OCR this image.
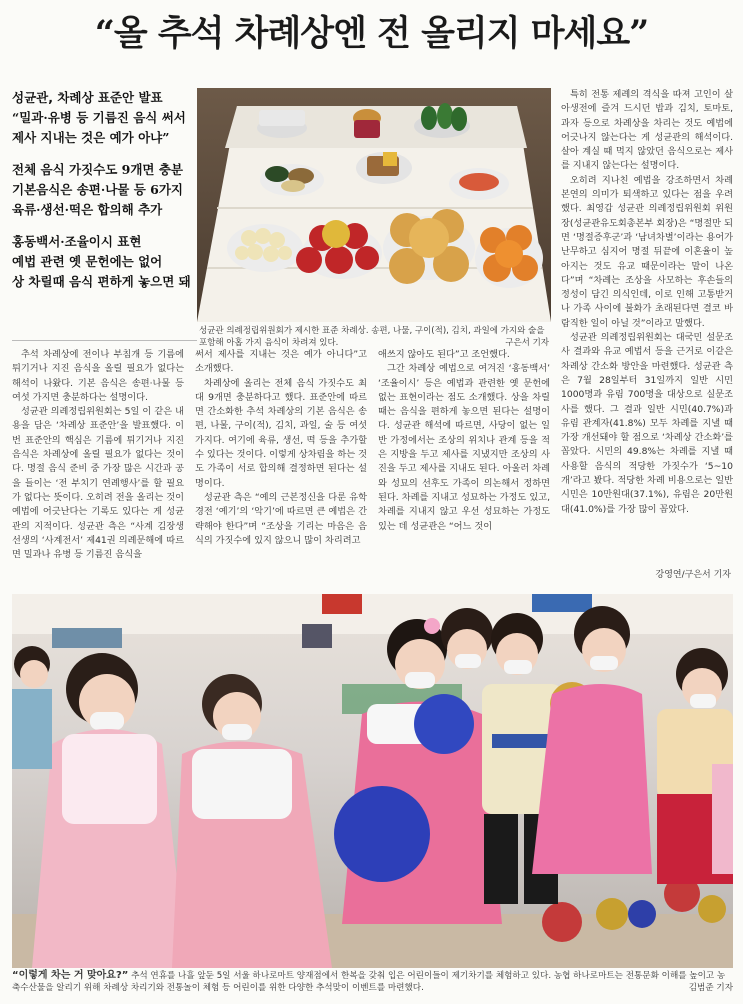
“올 추석 차례상엔 전 올리지 마세요”
성균관, 차례상 표준안 발표
“밀과·유병 등 기름진 음식 써서
제사 지내는 것은 예가 아냐”
전체 음식 가짓수도 9개면 충분
기본음식은 송편·나물 등 6가지
육류·생선·떡은 합의해 추가
홍동백서·조율이시 표현
예법 관련 옛 문헌에는 없어
상 차릴때 음식 편하게 놓으면 돼
성균관 의례정립위원회가 제시한 표준 차례상. 송편, 나물, 구이(적), 김치, 과일에 가지와 술을 포함해 아홉 가지 음식이 차려져 있다.	구은서 기자

추석 차례상에 전이나 부침개 등 기름에 튀기거나 지진 음식을 올릴 필요가 없다는 해석이 나왔다. 기본 음식은 송편·나물 등 여섯 가지면 충분하다는 설명이다.

성균관 의례정립위원회는 5일 이 같은 내용을 담은 ‘차례상 표준안’을 발표했다. 이번 표준안의 핵심은 기름에 튀기거나 지진 음식은 차례상에 올릴 필요가 없다는 것이다. 명절 음식 준비 중 가장 많은 시간과 공을 들이는 ‘전 부치기 연례행사’를 할 필요가 없다는 뜻이다. 오히려 전을 올리는 것이 예법에 어긋난다는 기록도 있다는 게 성균관의 지적이다. 성균관 측은 “사계 김장생 선생의 ‘사계전서’ 제41권 의례문해에 따르면 밀과나 유병 등 기름진 음식을

써서 제사를 지내는 것은 예가 아니다”고 소개했다.

차례상에 올리는 전체 음식 가짓수도 최대 9개면 충분하다고 했다. 표준안에 따르면 간소화한 추석 차례상의 기본 음식은 송편, 나물, 구이(적), 김치, 과일, 술 등 여섯 가지다. 여기에 육류, 생선, 떡 등을 추가할 수 있다는 것이다. 이렇게 상차림을 하는 것도 가족이 서로 합의해 결정하면 된다는 설명이다.

성균관 측은 “예의 근본정신을 다룬 유학 경전 ‘예기’의 ‘악기’에 따르면 큰 예법은 간략해야 한다”며 “조상을 기리는 마음은 음식의 가짓수에 있지 않으니 많이 차리려고

애쓰지 않아도 된다”고 조언했다.

그간 차례상 예법으로 여겨진 ‘홍동백서’ ‘조율이시’ 등은 예법과 관련한 옛 문헌에 없는 표현이라는 점도 소개했다. 상을 차릴 때는 음식을 편하게 놓으면 된다는 설명이다. 성균관 해석에 따르면, 사당이 없는 일반 가정에서는 조상의 위치나 관계 등을 적은 지방을 두고 제사를 지냈지만 조상의 사진을 두고 제사를 지내도 된다. 아울러 차례와 성묘의 선후도 가족이 의논해서 정하면 된다. 차례를 지내고 성묘하는 가정도 있고, 차례를 지내지 않고 우선 성묘하는 가정도 있는 데 성균관은 “어느 것이

특히 전통 제례의 격식을 따져 고인이 살아생전에 즐겨 드시던 밥과 김치, 토마토, 과자 등으로 차례상을 차리는 것도 예법에 어긋나지 않는다는 게 성균관의 해석이다. 살아 계실 때 먹지 않았던 음식으로는 제사를 지내지 않는다는 설명이다.

오히려 지나친 예법을 강조하면서 차례 본연의 의미가 퇴색하고 있다는 점을 우려했다. 최영갑 성균관 의례정립위원회 위원장(성균관유도회총본부 회장)은 “명절만 되면 ‘명절증후군’과 ‘남녀차별’이라는 용어가 난무하고 심지어 명절 뒤끝에 이혼율이 높아지는 것도 유교 때문이라는 말이 나온다”며 “차례는 조상을 사모하는 후손들의 정성이 담긴 의식인데, 이로 인해 고통받거나 가족 사이에 불화가 초래된다면 결코 바람직한 일이 아닐 것”이라고 말했다.

성균관 의례정립위원회는 대국민 설문조사 결과와 유교 예법서 등을 근거로 이같은 차례상 간소화 방안을 마련했다. 성균관 측은 7월 28일부터 31일까지 일반 시민 1000명과 유림 700명을 대상으로 실문조사를 했다. 그 결과 일반 시민(40.7%)과 유림 관계자(41.8%) 모두 차례를 지낼 때 가장 개선돼야 할 점으로 ‘차례상 간소화’를 꼽았다. 시민의 49.8%는 차례를 지낼 때 사용할 음식의 적당한 가짓수가 ‘5~10개’라고 봤다. 적당한 차례 비용으로는 일반 시민은 10만원대(37.1%), 유림은 20만원대(41.0%)를 가장 많이 꼽았다.

강영연/구은서 기자
“이렇게 차는 거 맞아요?” 추석 연휴를 나흘 앞둔 5일 서울 하나로마트 양재점에서 한복을 갖춰 입은 어린이들이 제기차기를 체험하고 있다. 농협 하나로마트는 전통문화 이해를 높이고 농축수산물을 알리기 위해 차례상 차리기와 전통놀이 체험 등 어린이를 위한 다양한 추석맞이 이벤트를 마련했다.	김범준 기자
